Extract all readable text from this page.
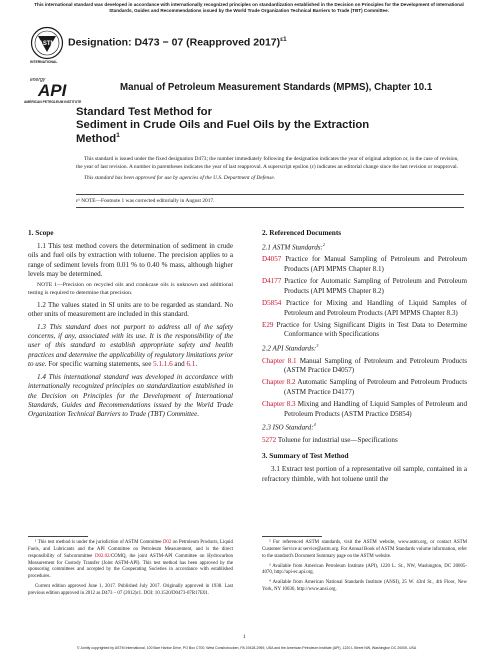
This international standard was developed in accordance with internationally recognized principles on standardization established in the Decision on Principles for the Development of International Standards, Guides and Recommendations issued by the World Trade Organization Technical Barriers to Trade (TBT) Committee.
ASTM
INTERNATIONAL
Designation: D473 − 07 (Reapproved 2017)$^{\varepsilon 1}$
energy
API
AMERICAN PETROLEUM INSTITUTE
Manual of Petroleum Measurement Standards (MPMS), Chapter 10.1
Standard Test Method for
Sediment in Crude Oils and Fuel Oils by the Extraction
Method$^1$

This standard is issued under the fixed designation D473; the number immediately following the designation indicates the year of original adoption or, in the case of revision, the year of last revision. A number in parentheses indicates the year of last reapproval. A superscript epsilon (ε) indicates an editorial change since the last revision or reapproval.

This standard has been approved for use by agencies of the U.S. Department of Defense.

ε¹ NOTE—Footnote 1 was corrected editorially in August 2017.
1. Scope

1.1 This test method covers the determination of sediment in crude oils and fuel oils by extraction with toluene. The precision applies to a range of sediment levels from 0.01 % to 0.40 % mass, although higher levels may be determined.

NOTE 1—Precision on recycled oils and crankcase oils is unknown and additional testing is required to determine that precision.

1.2 The values stated in SI units are to be regarded as standard. No other units of measurement are included in this standard.

1.3 This standard does not purport to address all of the safety concerns, if any, associated with its use. It is the responsibility of the user of this standard to establish appropriate safety and health practices and determine the applicability of regulatory limitations prior to use. For specific warning statements, see 5.1.1.6 and 6.1.

1.4 This international standard was developed in accordance with internationally recognized principles on standardization established in the Decision on Principles for the Development of International Standards, Guides and Recommendations issued by the World Trade Organization Technical Barriers to Trade (TBT) Committee.

¹ This test method is under the jurisdiction of ASTM Committee D02 on Petroleum Products, Liquid Fuels, and Lubricants and the API Committee on Petroleum Measurement, and is the direct responsibility of Subcommittee D02.02/COMQ, the joint ASTM-API Committee on Hydrocarbon Measurement for Custody Transfer (Joint ASTM-API). This test method has been approved by the sponsoring committees and accepted by the Cooperating Societies in accordance with established procedures.

Current edition approved June 1, 2017. Published July 2017. Originally approved in 1938. Last previous edition approved in 2012 as D473 – 07 (2012)ε1. DOI: 10.1520/D0473-07R17E01.

2. Referenced Documents

2.1 ASTM Standards:$^2$

D4057 Practice for Manual Sampling of Petroleum and Petroleum Products (API MPMS Chapter 8.1)

D4177 Practice for Automatic Sampling of Petroleum and Petroleum Products (API MPMS Chapter 8.2)

D5854 Practice for Mixing and Handling of Liquid Samples of Petroleum and Petroleum Products (API MPMS Chapter 8.3)

E29 Practice for Using Significant Digits in Test Data to Determine Conformance with Specifications

2.2 API Standards:$^3$

Chapter 8.1 Manual Sampling of Petroleum and Petroleum Products (ASTM Practice D4057)

Chapter 8.2 Automatic Sampling of Petroleum and Petroleum Products (ASTM Practice D4177)

Chapter 8.3 Mixing and Handling of Liquid Samples of Petroleum and Petroleum Products (ASTM Practice D5854)

2.3 ISO Standard:$^4$

5272 Toluene for industrial use—Specifications

3. Summary of Test Method

3.1 Extract test portion of a representative oil sample, contained in a refractory thimble, with hot toluene until the

² For referenced ASTM standards, visit the ASTM website, www.astm.org, or contact ASTM Customer Service at service@astm.org. For Annual Book of ASTM Standards volume information, refer to the standard's Document Summary page on the ASTM website.

³ Available from American Petroleum Institute (API), 1220 L. St., NW, Washington, DC 20005-4070, http://api-ec.api.org.

⁴ Available from American National Standards Institute (ANSI), 25 W. 43rd St., 4th Floor, New York, NY 10036, http://www.ansi.org.

1
© Jointly copyrighted by ASTM International, 100 Barr Harbor Drive, PO Box C700, West Conshohocken, PA 19428-2959, USA and the American Petroleum Institute (API), 1220 L Street NW, Washington DC 20005, USA
